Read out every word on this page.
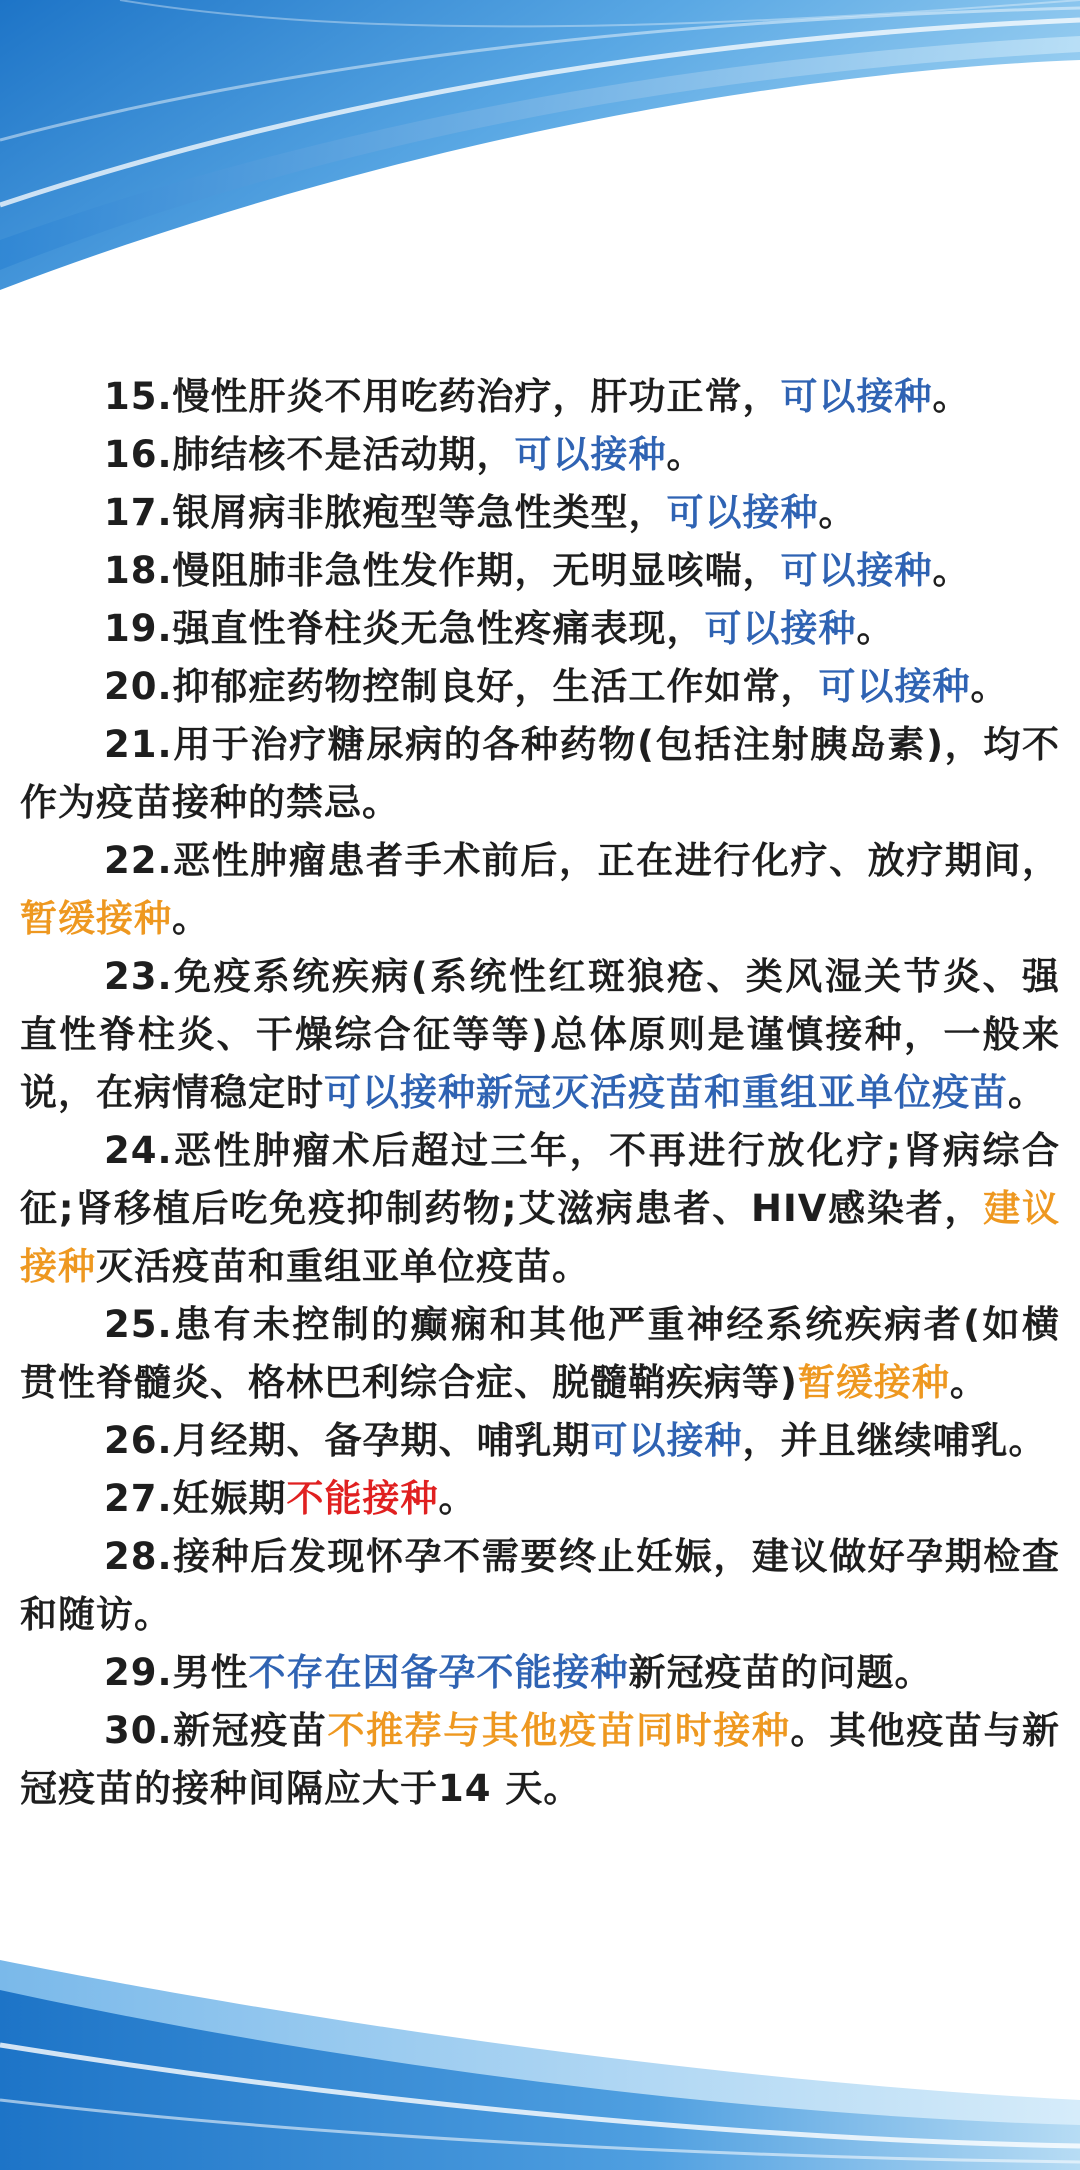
15.慢性肝炎不用吃药治疗，肝功正常，可以接种。

16.肺结核不是活动期，可以接种。

17.银屑病非脓疱型等急性类型，可以接种。

18.慢阻肺非急性发作期，无明显咳喘，可以接种。

19.强直性脊柱炎无急性疼痛表现，可以接种。

20.抑郁症药物控制良好，生活工作如常，可以接种。

21.用于治疗糖尿病的各种药物(包括注射胰岛素)，均不作为疫苗接种的禁忌。

22.恶性肿瘤患者手术前后，正在进行化疗、放疗期间，暂缓接种。

23.免疫系统疾病(系统性红斑狼疮、类风湿关节炎、强直性脊柱炎、干燥综合征等等)总体原则是谨慎接种，一般来说，在病情稳定时可以接种新冠灭活疫苗和重组亚单位疫苗。

24.恶性肿瘤术后超过三年，不再进行放化疗;肾病综合征;肾移植后吃免疫抑制药物;艾滋病患者、HIV感染者，建议接种灭活疫苗和重组亚单位疫苗。

25.患有未控制的癫痫和其他严重神经系统疾病者(如横贯性脊髓炎、格林巴利综合症、脱髓鞘疾病等)暂缓接种。

26.月经期、备孕期、哺乳期可以接种，并且继续哺乳。

27.妊娠期不能接种。

28.接种后发现怀孕不需要终止妊娠，建议做好孕期检查和随访。

29.男性不存在因备孕不能接种新冠疫苗的问题。

30.新冠疫苗不推荐与其他疫苗同时接种。其他疫苗与新冠疫苗的接种间隔应大于14 天。
